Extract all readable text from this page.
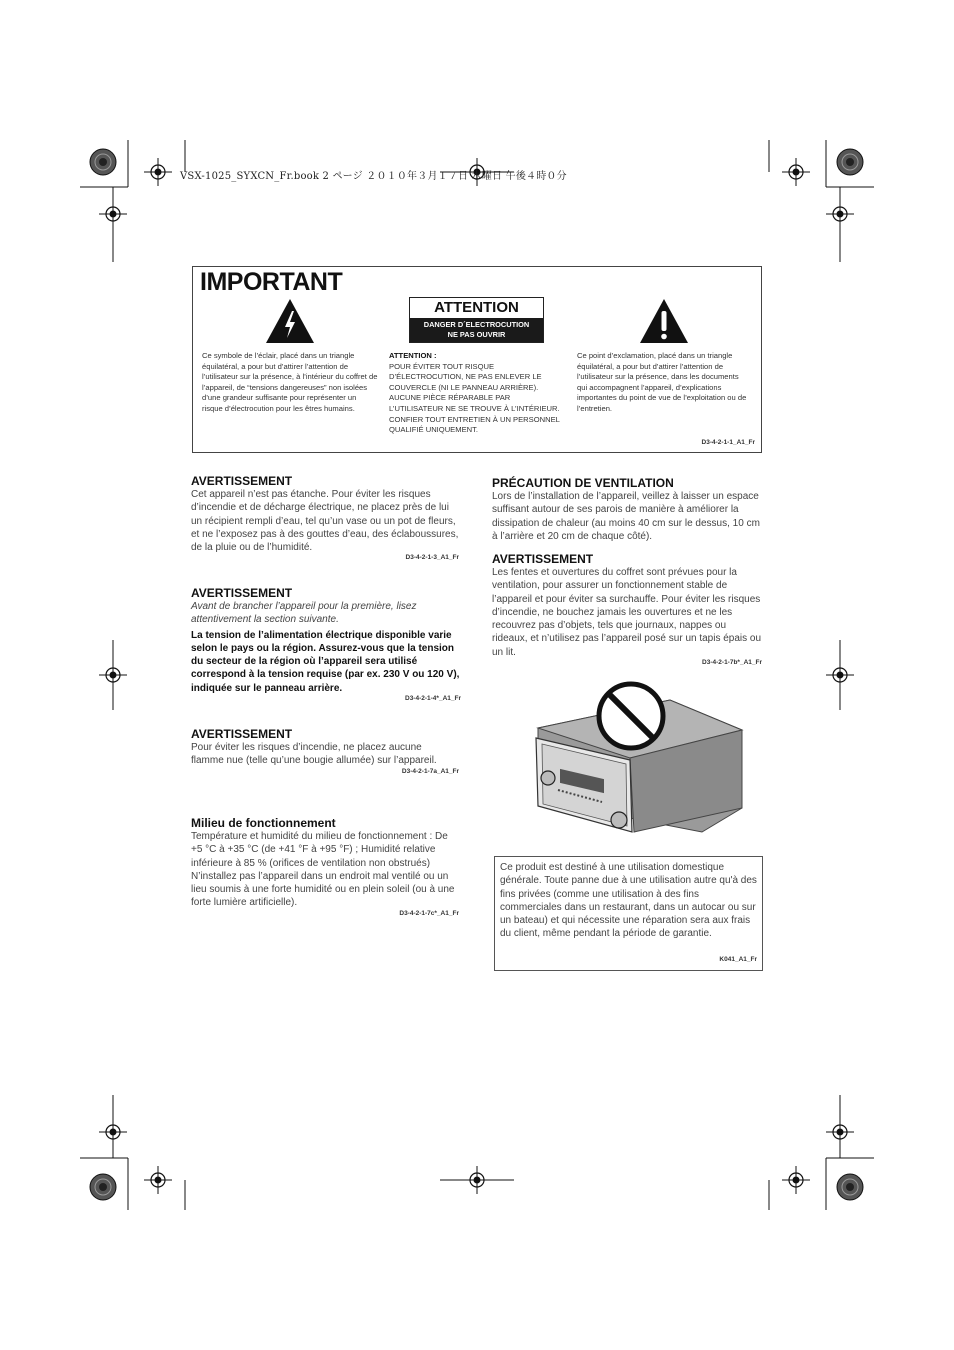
VSX-1025_SYXCN_Fr.book 2 ページ ２０１０年３月１７日 水曜日 午後４時０分
IMPORTANT
ATTENTION
DANGER D´ELECTROCUTION
NE PAS OUVRIR
Ce symbole de l’éclair, placé dans un triangle équilatéral, a pour but d’attirer l’attention de l’utilisateur sur la présence, à l’intérieur du coffret de l’appareil, de “tensions dangereuses” non isolées d’une grandeur suffisante pour représenter un risque d’électrocution pour les êtres humains.
ATTENTION :
POUR ÉVITER TOUT RISQUE D’ÉLECTROCUTION, NE PAS ENLEVER LE COUVERCLE (NI LE PANNEAU ARRIÈRE). AUCUNE PIÈCE RÉPARABLE PAR L’UTILISATEUR NE SE TROUVE À L’INTÉRIEUR. CONFIER TOUT ENTRETIEN À UN PERSONNEL QUALIFIÉ UNIQUEMENT.
Ce point d’exclamation, placé dans un triangle équilatéral, a pour but d’attirer l’attention de l’utilisateur sur la présence, dans les documents qui accompagnent l’appareil, d’explications importantes du point de vue de l’exploitation ou de l’entretien.
D3-4-2-1-1_A1_Fr
AVERTISSEMENT
Cet appareil n’est pas étanche. Pour éviter les risques d’incendie et de décharge électrique, ne placez près de lui un récipient rempli d’eau, tel qu’un vase ou un pot de fleurs, et ne l’exposez pas à des gouttes d’eau, des éclaboussures, de la pluie ou de l’humidité.
D3-4-2-1-3_A1_Fr
AVERTISSEMENT
Avant de brancher l’appareil pour la première, lisez attentivement la section suivante.
La tension de l’alimentation électrique disponible varie selon le pays ou la région. Assurez-vous que la tension du secteur de la région où l’appareil sera utilisé correspond à la tension requise (par ex. 230 V ou 120 V), indiquée sur le panneau arrière.
D3-4-2-1-4*_A1_Fr
AVERTISSEMENT
Pour éviter les risques d’incendie, ne placez aucune flamme nue (telle qu’une bougie allumée) sur l’appareil.
D3-4-2-1-7a_A1_Fr
Milieu de fonctionnement
Température et humidité du milieu de fonctionnement : De +5 °C à +35 °C (de +41 °F à +95 °F) ; Humidité relative inférieure à 85 % (orifices de ventilation non obstrués)
N’installez pas l’appareil dans un endroit mal ventilé ou un lieu soumis à une forte humidité ou en plein soleil (ou à une forte lumière artificielle).
D3-4-2-1-7c*_A1_Fr
PRÉCAUTION DE VENTILATION
Lors de l’installation de l’appareil, veillez à laisser un espace suffisant autour de ses parois de manière à améliorer la dissipation de chaleur (au moins 40 cm sur le dessus, 10 cm à l’arrière et 20 cm de chaque côté).
AVERTISSEMENT
Les fentes et ouvertures du coffret sont prévues pour la ventilation, pour assurer un fonctionnement stable de l’appareil et pour éviter sa surchauffe. Pour éviter les risques d’incendie, ne bouchez jamais les ouvertures et ne les recouvrez pas d’objets, tels que journaux, nappes ou rideaux, et n’utilisez pas l’appareil posé sur un tapis épais ou un lit.
D3-4-2-1-7b*_A1_Fr
Ce produit est destiné à une utilisation domestique générale. Toute panne due à une utilisation autre qu'à des fins privées (comme une utilisation à des fins commerciales dans un restaurant, dans un autocar ou sur un bateau) et qui nécessite une réparation sera aux frais du client, même pendant la période de garantie.
K041_A1_Fr
